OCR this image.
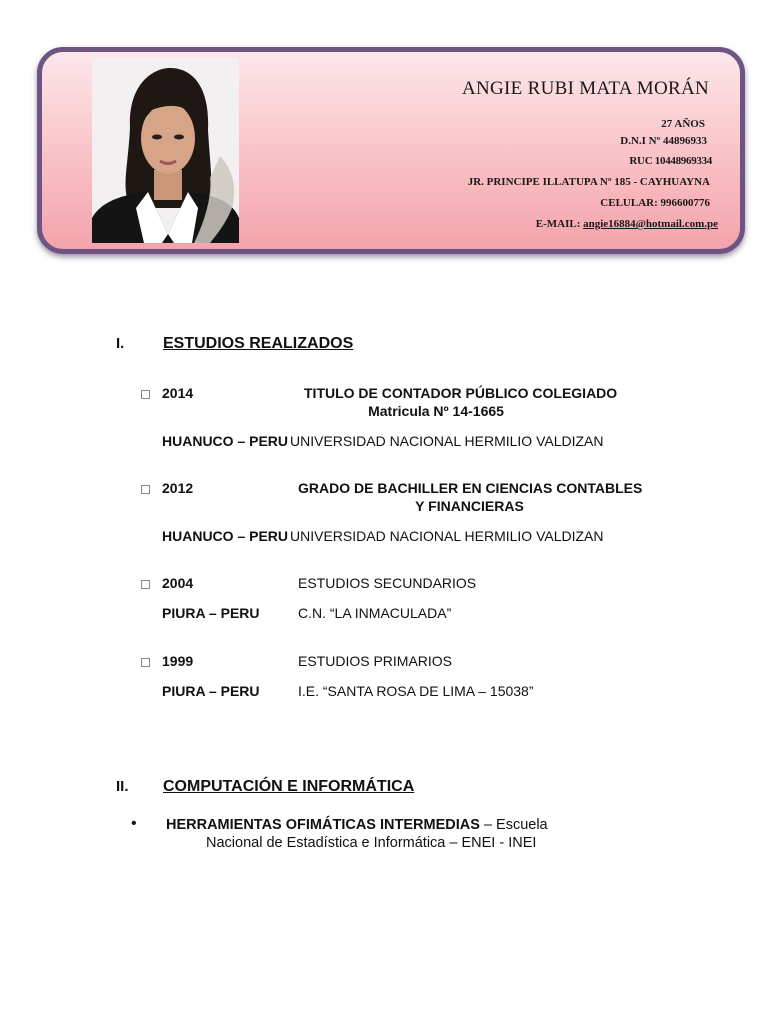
ANGIE RUBI MATA MORÁN
27 AÑOS
D.N.I Nº 44896933
RUC 10448969334
JR. PRINCIPE ILLATUPA Nº 185 - CAYHUAYNA
CELULAR: 996600776
E-MAIL: angie16884@hotmail.com.pe
I. ESTUDIOS REALIZADOS
2014	TITULO DE CONTADOR PÚBLICO COLEGIADO
Matricula Nº 14-1665
HUANUCO – PERU UNIVERSIDAD NACIONAL HERMILIO VALDIZAN
2012	GRADO DE BACHILLER EN CIENCIAS CONTABLES
Y FINANCIERAS
HUANUCO – PERU UNIVERSIDAD NACIONAL HERMILIO VALDIZAN
2004	ESTUDIOS SECUNDARIOS
PIURA – PERU	C.N. “LA INMACULADA”
1999	ESTUDIOS PRIMARIOS
PIURA – PERU	I.E. “SANTA ROSA DE LIMA – 15038”
II. COMPUTACIÓN E INFORMÁTICA
• HERRAMIENTAS OFIMÁTICAS INTERMEDIAS – Escuela
Nacional de Estadística e Informática – ENEI - INEI
